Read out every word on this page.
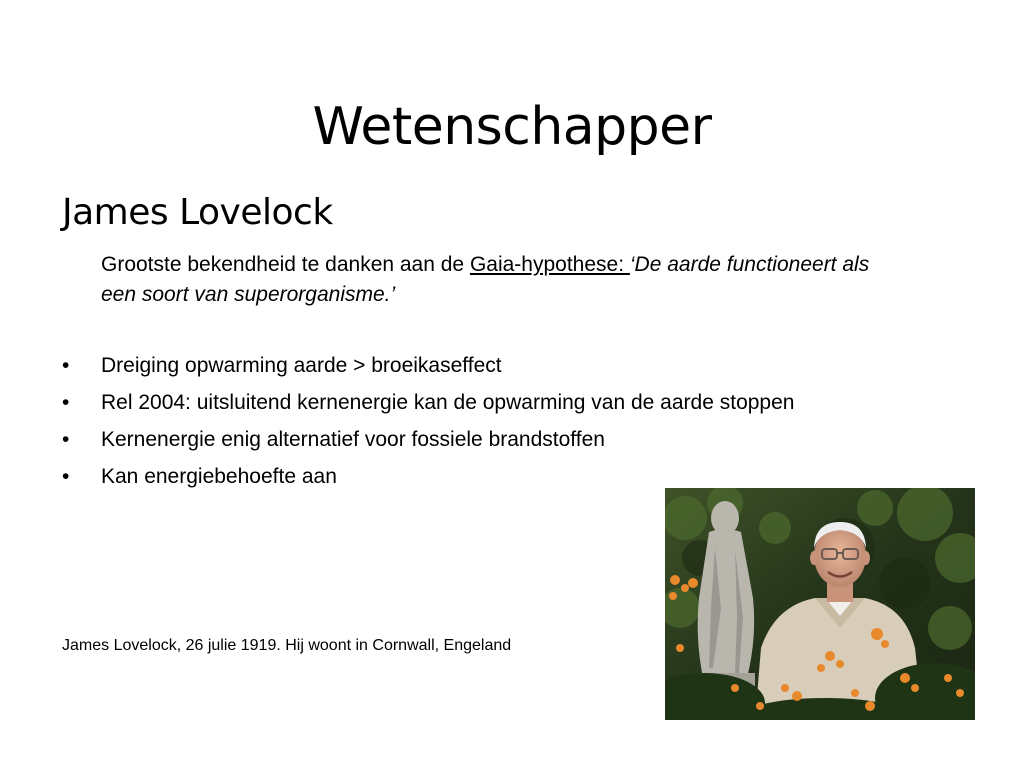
Wetenschapper
James Lovelock
Grootste bekendheid te danken aan de Gaia-hypothese: ‘De aarde functioneert als een soort van superorganisme.’
• Dreiging opwarming aarde > broeikaseffect
• Rel 2004: uitsluitend kernenergie kan de opwarming van de aarde stoppen
• Kernenergie enig alternatief voor fossiele brandstoffen
• Kan energiebehoefte aan
James Lovelock, 26 julie 1919. Hij woont in Cornwall, Engeland
